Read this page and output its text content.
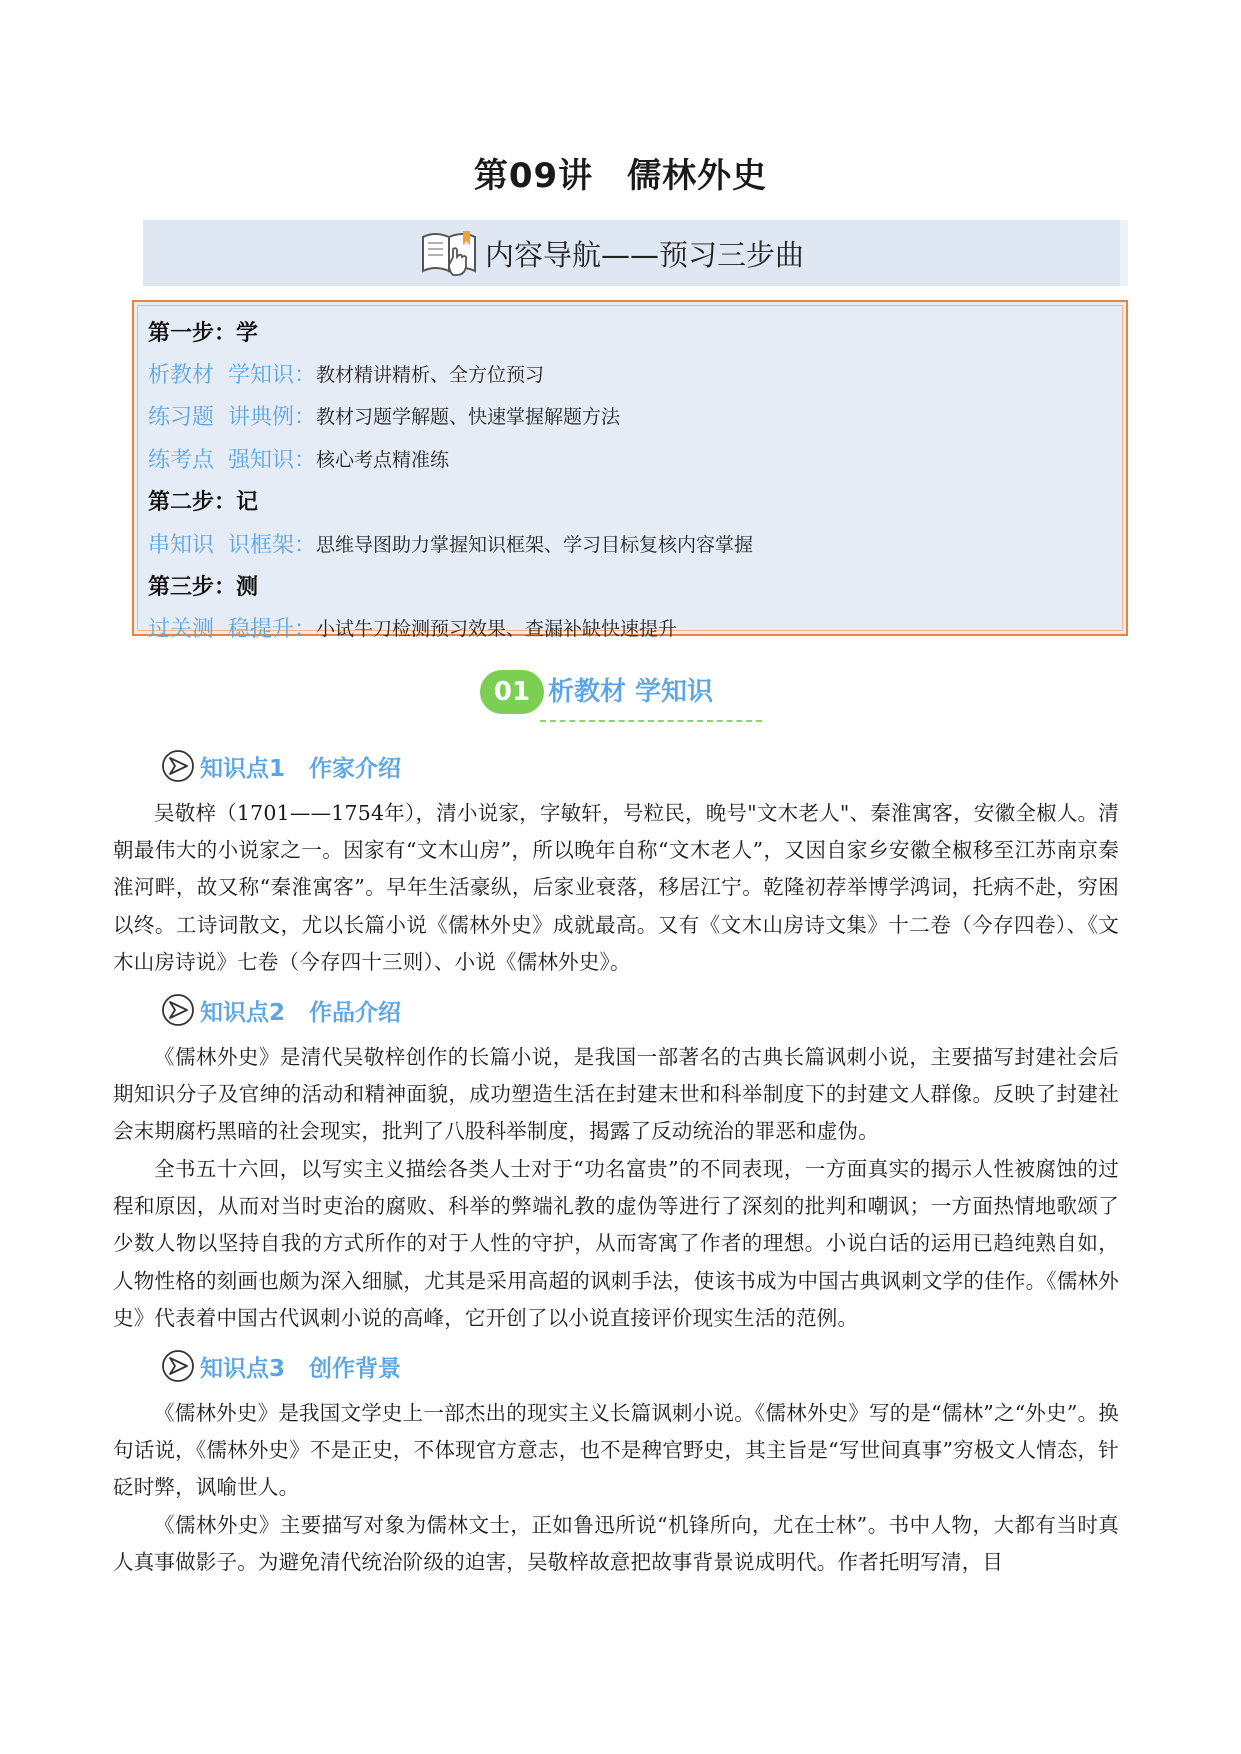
第09讲 儒林外史
内容导航——预习三步曲
第一步：学
析教材  学知识： 教材精讲精析、全方位预习
练习题  讲典例： 教材习题学解题、快速掌握解题方法
练考点  强知识： 核心考点精准练
第二步：记
串知识  识框架： 思维导图助力掌握知识框架、学习目标复核内容掌握
第三步：测
过关测  稳提升： 小试牛刀检测预习效果、查漏补缺快速提升
01 析教材 学知识
知识点1   作家介绍

吴敬梓（1701——1754年），清小说家，字敏轩，号粒民，晚号"文木老人"、秦淮寓客，安徽全椒人。清朝最伟大的小说家之一。因家有“文木山房”，所以晚年自称“文木老人”，又因自家乡安徽全椒移至江苏南京秦淮河畔，故又称“秦淮寓客”。早年生活豪纵，后家业衰落，移居江宁。乾隆初荐举博学鸿词，托病不赴，穷困以终。工诗词散文，尤以长篇小说《儒林外史》成就最高。又有《文木山房诗文集》十二卷（今存四卷）、《文木山房诗说》七卷（今存四十三则）、小说《儒林外史》。

知识点2   作品介绍

《儒林外史》是清代吴敬梓创作的长篇小说，是我国一部著名的古典长篇讽刺小说，主要描写封建社会后期知识分子及官绅的活动和精神面貌，成功塑造生活在封建末世和科举制度下的封建文人群像。反映了封建社会末期腐朽黑暗的社会现实，批判了八股科举制度，揭露了反动统治的罪恶和虚伪。

全书五十六回，以写实主义描绘各类人士对于“功名富贵”的不同表现，一方面真实的揭示人性被腐蚀的过程和原因，从而对当时吏治的腐败、科举的弊端礼教的虚伪等进行了深刻的批判和嘲讽；一方面热情地歌颂了少数人物以坚持自我的方式所作的对于人性的守护，从而寄寓了作者的理想。小说白话的运用已趋纯熟自如，人物性格的刻画也颇为深入细腻，尤其是采用高超的讽刺手法，使该书成为中国古典讽刺文学的佳作。《儒林外史》代表着中国古代讽刺小说的高峰，它开创了以小说直接评价现实生活的范例。

知识点3   创作背景

《儒林外史》是我国文学史上一部杰出的现实主义长篇讽刺小说。《儒林外史》写的是“儒林”之“外史”。换句话说，《儒林外史》不是正史，不体现官方意志，也不是稗官野史，其主旨是“写世间真事”穷极文人情态，针砭时弊，讽喻世人。

《儒林外史》主要描写对象为儒林文士，正如鲁迅所说“机锋所向，尤在士林”。书中人物，大都有当时真人真事做影子。为避免清代统治阶级的迫害，吴敬梓故意把故事背景说成明代。作者托明写清，目
